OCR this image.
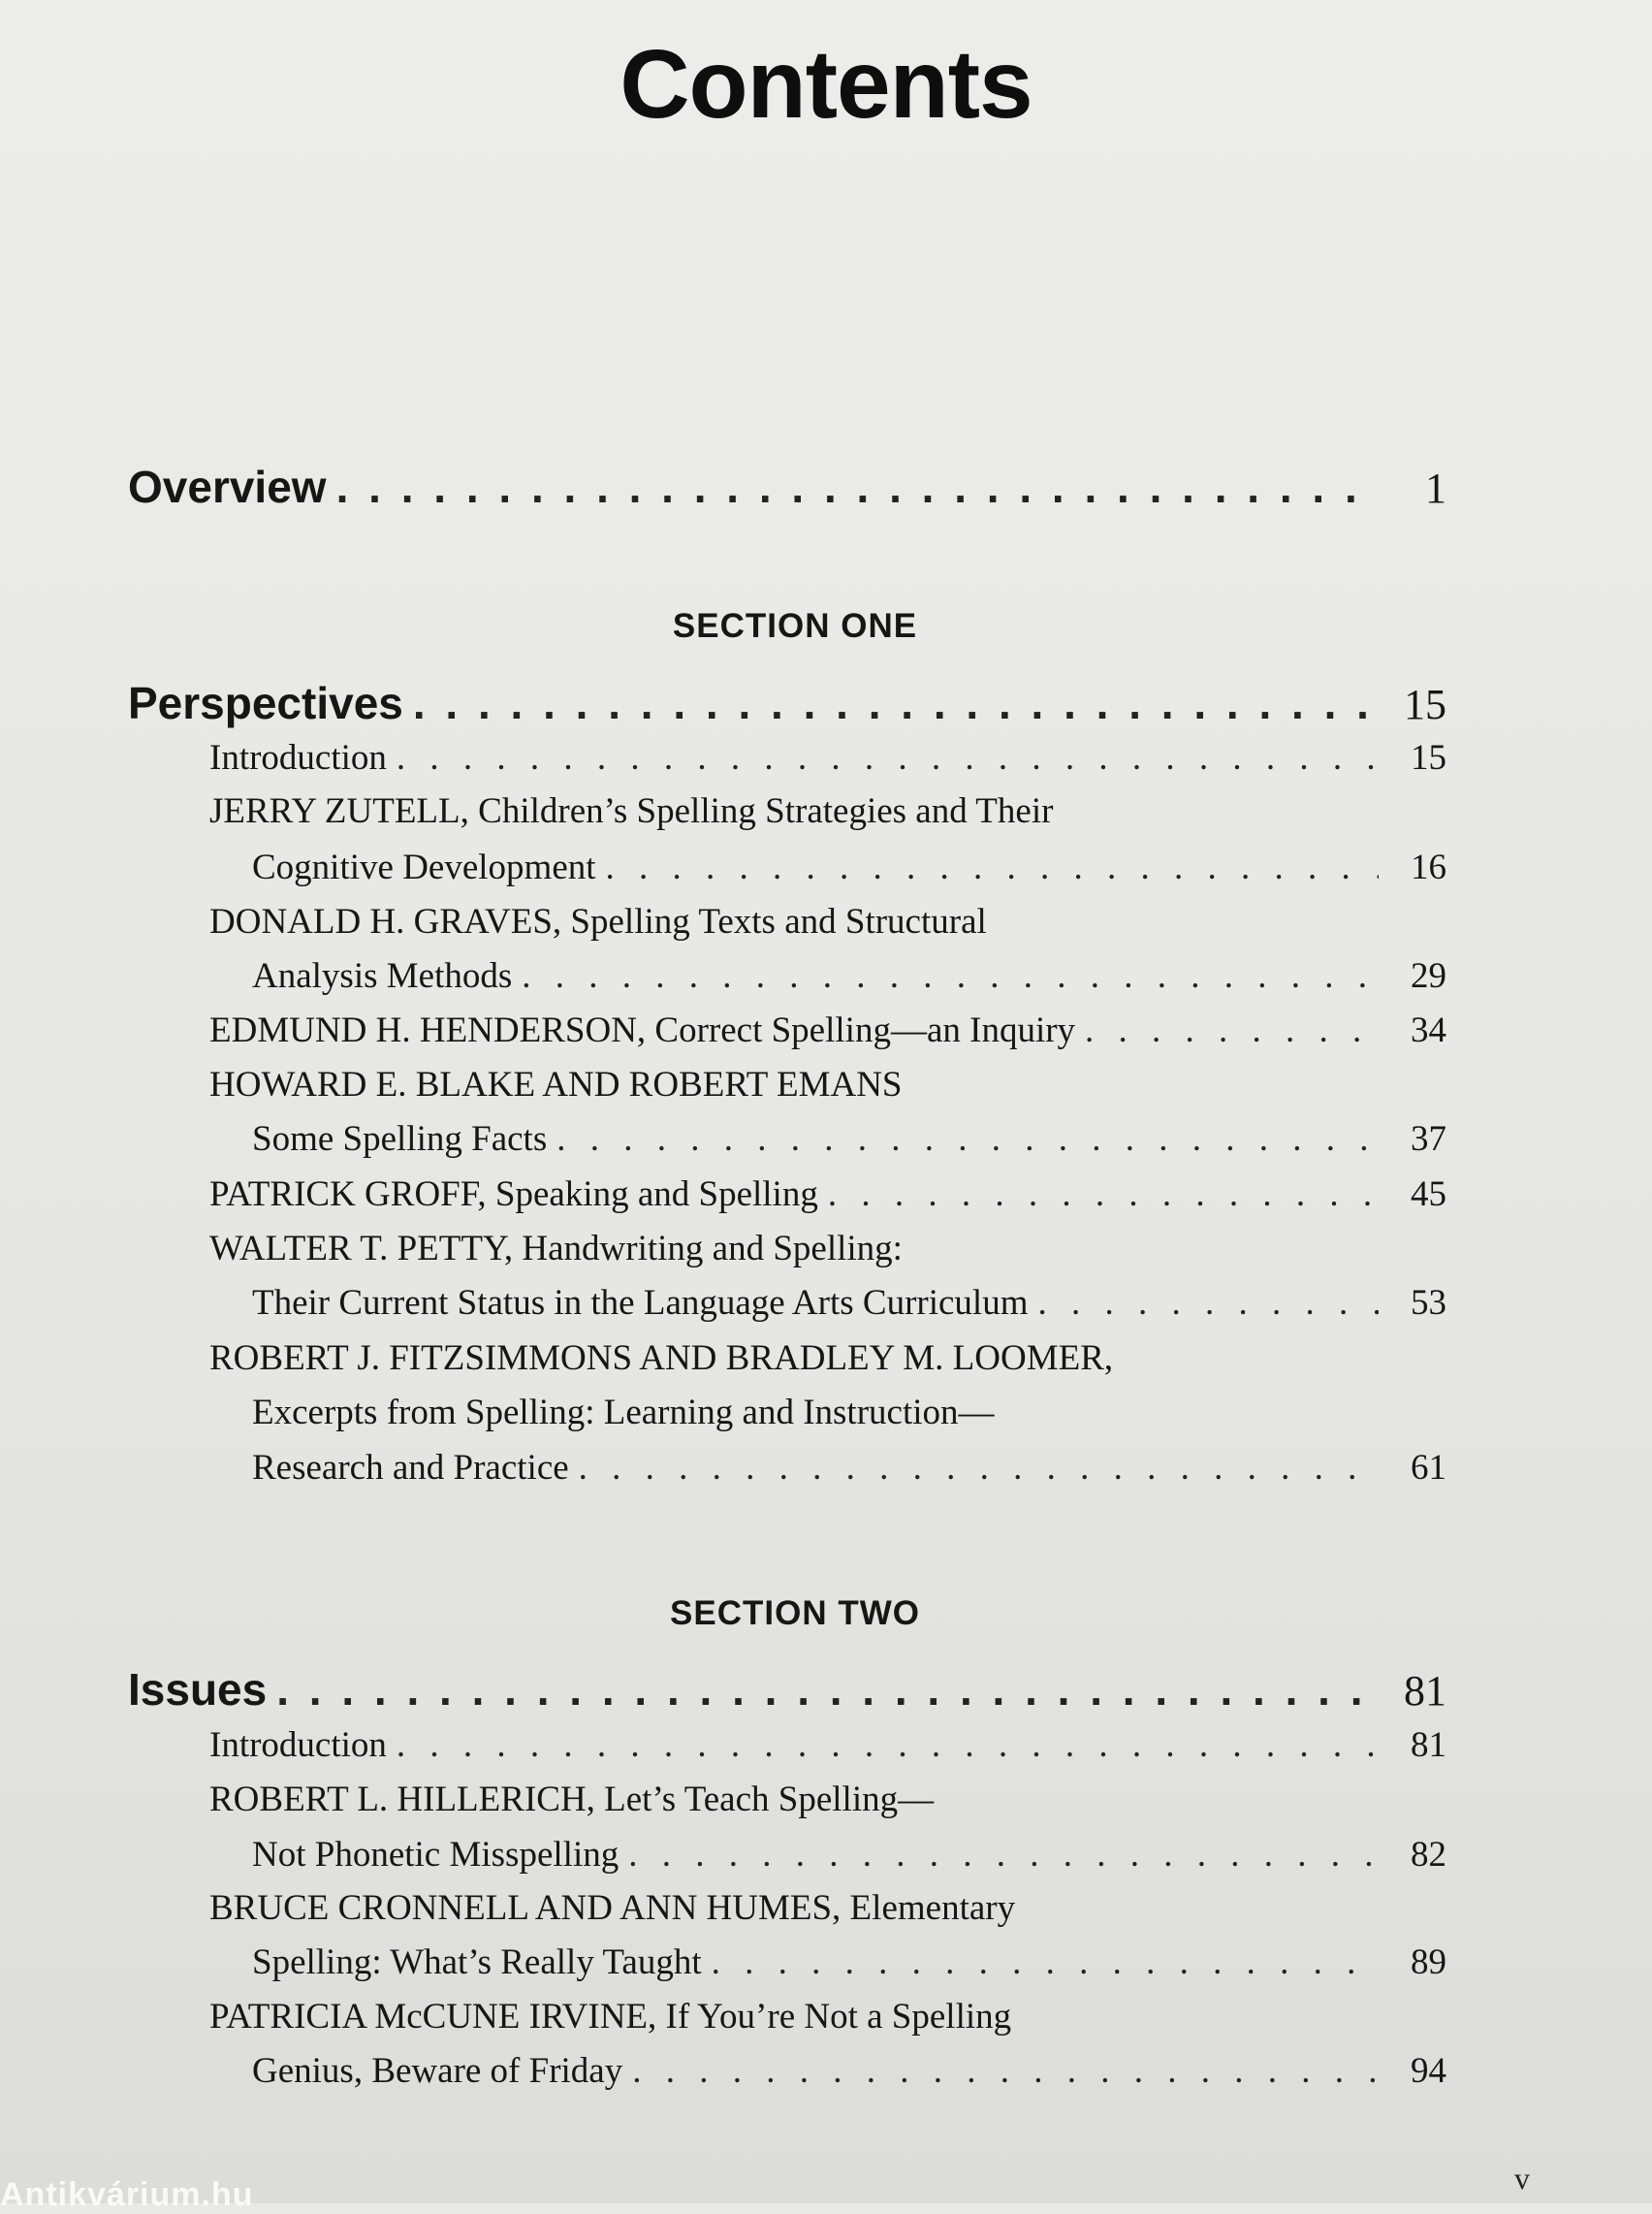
Contents
Overview . . .	1
SECTION ONE
Perspectives . . .	15
Introduction . . .	15
JERRY ZUTELL, Children’s Spelling Strategies and Their
Cognitive Development . . .	16
DONALD H. GRAVES, Spelling Texts and Structural
Analysis Methods . . .	29
EDMUND H. HENDERSON, Correct Spelling—an Inquiry . . .	34
HOWARD E. BLAKE AND ROBERT EMANS
Some Spelling Facts . . .	37
PATRICK GROFF, Speaking and Spelling . . .	45
WALTER T. PETTY, Handwriting and Spelling:
Their Current Status in the Language Arts Curriculum . . .	53
ROBERT J. FITZSIMMONS AND BRADLEY M. LOOMER,
Excerpts from Spelling: Learning and Instruction—
Research and Practice . . .	61
SECTION TWO
Issues . . .	81
Introduction . . .	81
ROBERT L. HILLERICH, Let’s Teach Spelling—
Not Phonetic Misspelling . . .	82
BRUCE CRONNELL AND ANN HUMES, Elementary
Spelling: What’s Really Taught . . .	89
PATRICIA McCUNE IRVINE, If You’re Not a Spelling
Genius, Beware of Friday . . .	94
v
Antikvárium.hu
